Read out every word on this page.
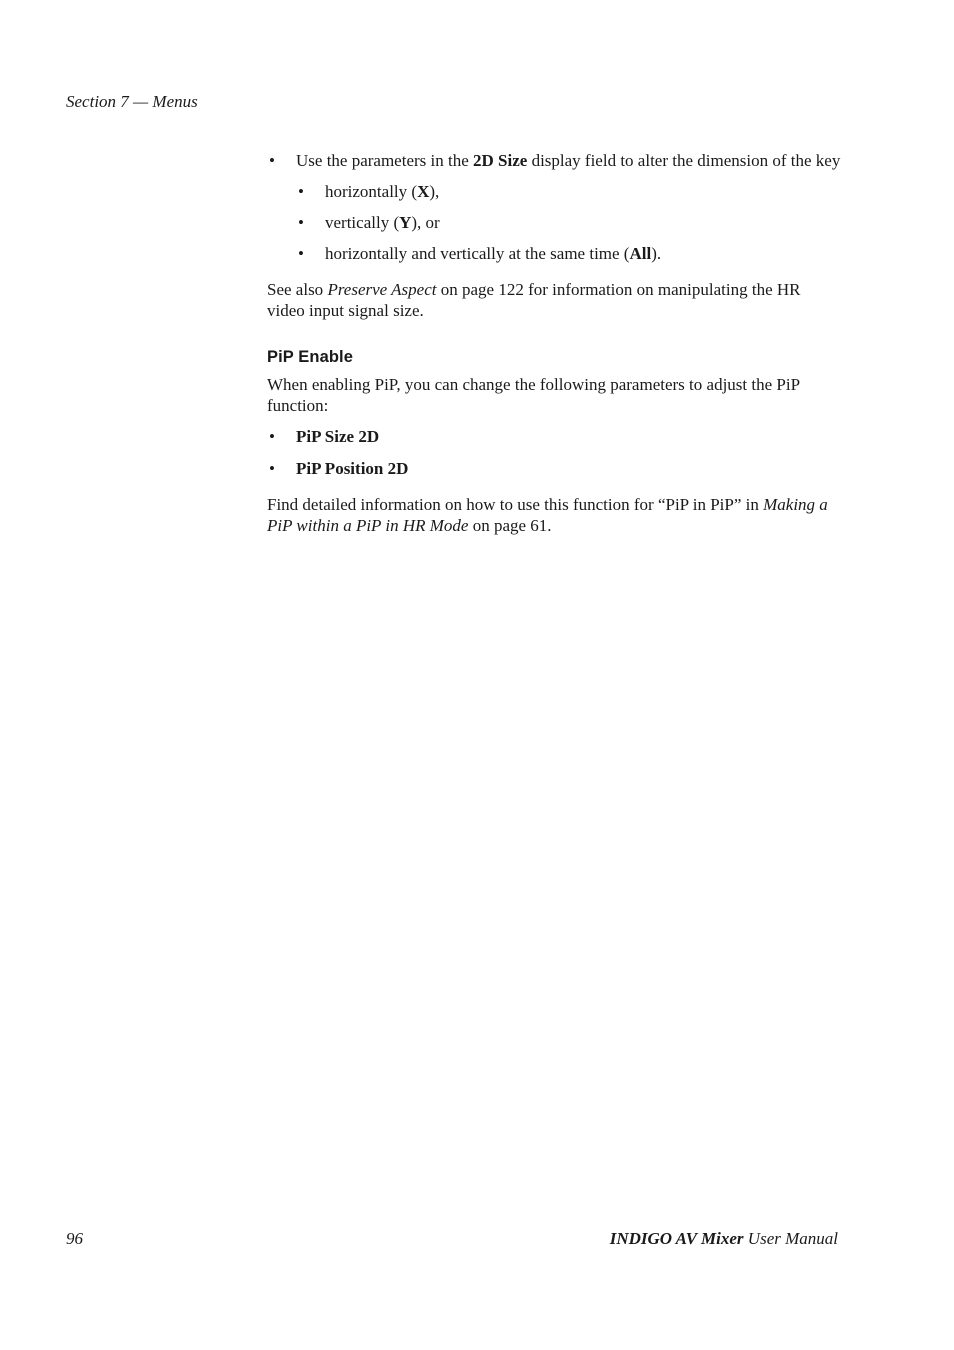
Section 7 — Menus
• Use the parameters in the 2D Size display field to alter the dimension of the key
• horizontally (X),
• vertically (Y), or
• horizontally and vertically at the same time (All).
See also Preserve Aspect on page 122 for information on manipulating the HR video input signal size.
PiP Enable
When enabling PiP, you can change the following parameters to adjust the PiP function:
• PiP Size 2D
• PiP Position 2D
Find detailed information on how to use this function for “PiP in PiP” in Making a PiP within a PiP in HR Mode on page 61.
96	INDIGO AV Mixer User Manual
